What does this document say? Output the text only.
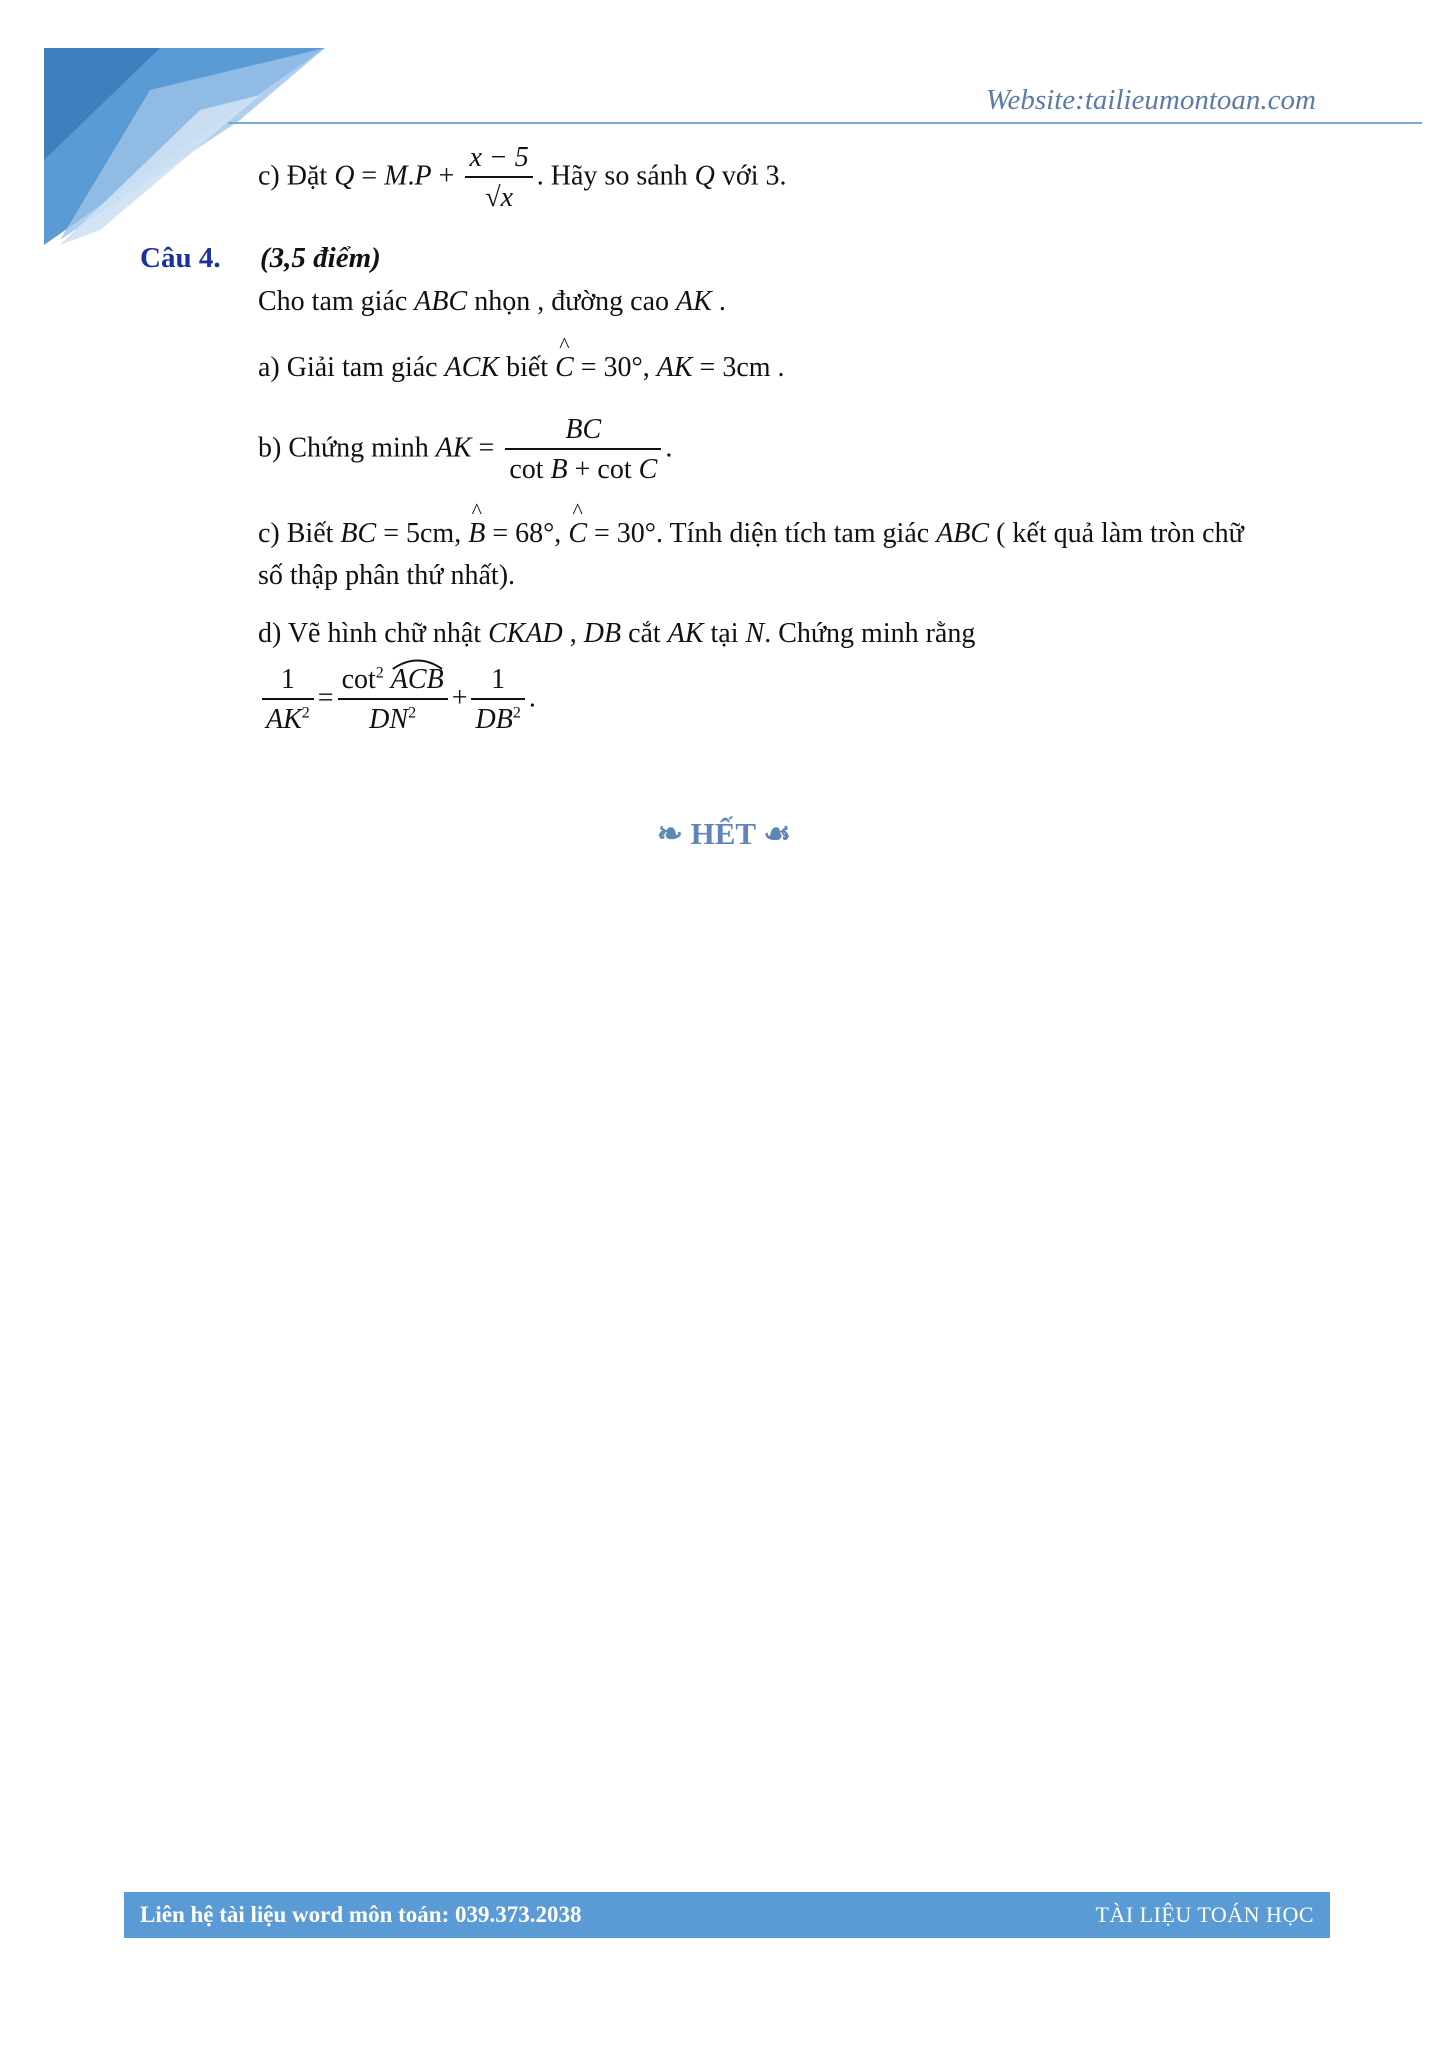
Website:tailieumontoan.com
c) Đặt $Q = M.P + \frac{x - 5}{√x}$ . Hãy so sánh Q với 3.
Câu 4. (3,5 điểm)
Cho tam giác ABC nhọn , đường cao AK .
a) Giải tam giác ACK biết ^ C = 30°, AK = 3cm .
b) Chứng minh AK = $\frac{BC}{\text{cot B + cot C}}$ .
c) Biết BC = 5cm, ^ B = 68°, ^ C = 30°. Tính diện tích tam giác ABC ( kết quả làm tròn chữ
số thập phân thứ nhất).
d) Vẽ hình chữ nhật CKAD , DB cắt AK tại N. Chứng minh rằng
$\frac{1}{AK^2} = \frac{\cot^2 ACB}{DN^2} + \frac{1}{DB^2}$ .
❧ HẾT ☙
Liên hệ tài liệu word môn toán: 039.373.2038	TÀI LIỆU TOÁN HỌC
